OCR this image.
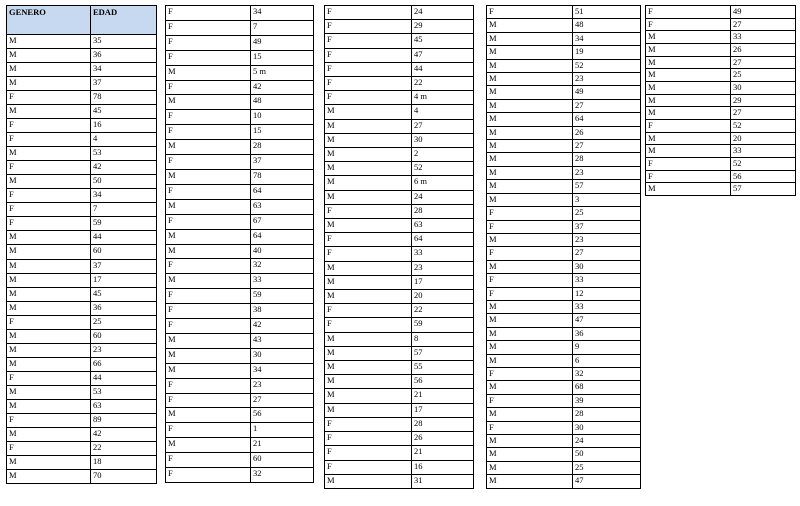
GENERO	EDAD
M	35
M	36
M	34
M	37
F	78
M	45
F	16
F	4
M	53
F	42
M	50
F	34
F	7
F	59
M	44
M	60
M	37
M	17
M	45
M	36
F	25
M	60
M	23
M	66
F	44
M	53
M	63
F	89
M	42
F	22
M	18
M	70
F	34
F	7
F	49
F	15
M	5 m
F	42
M	48
F	10
F	15
M	28
F	37
M	78
F	64
M	63
F	67
M	64
M	40
F	32
M	33
F	59
F	38
F	42
M	43
M	30
M	34
F	23
F	27
M	56
F	1
M	21
F	60
F	32
F	24
F	29
F	45
F	47
F	44
F	22
F	4 m
M	4
M	27
M	30
M	2
M	52
M	6 m
M	24
F	28
M	63
F	64
F	33
M	23
M	17
M	20
F	22
F	59
M	8
M	57
M	55
M	56
M	21
M	17
F	28
F	26
F	21
F	16
M	31
F	51
M	48
M	34
M	19
M	52
M	23
M	49
M	27
M	64
M	26
M	27
M	28
M	23
M	57
M	3
F	25
F	37
M	23
F	27
M	30
F	33
F	12
M	33
M	47
M	36
M	9
M	6
F	32
M	68
F	39
M	28
F	30
M	24
M	50
M	25
M	47
F	49
F	27
M	33
M	26
M	27
M	25
M	30
M	29
M	27
F	52
M	20
M	33
F	52
F	56
M	57
